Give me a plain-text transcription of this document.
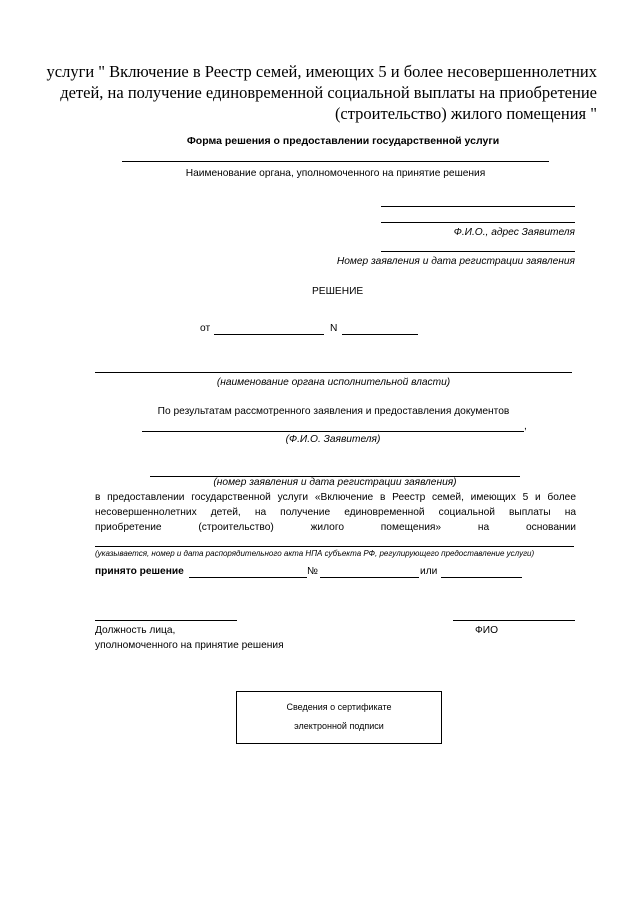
услуги " Включение в Реестр семей, имеющих 5 и более несовершеннолетних
детей, на получение единовременной социальной выплаты на приобретение
(строительство) жилого помещения "
Форма решения о предоставлении государственной услуги
Наименование органа, уполномоченного на принятие решения
Ф.И.О., адрес Заявителя
Номер заявления и дата регистрации заявления
РЕШЕНИЕ
от	N
(наименование органа исполнительной власти)
По результатам рассмотренного заявления и предоставления документов
,
(Ф.И.О. Заявителя)
(номер заявления и дата регистрации заявления)
в предоставлении государственной услуги «Включение в Реестр семей, имеющих 5 и более
несовершеннолетних детей, на получение единовременной социальной выплаты на
приобретение (строительство) жилого помещения» на основании
(указывается, номер и дата распорядительного акта НПА субъекта РФ, регулирующего предоставление услуги)
принято решение	№	или
Должность лица,
уполномоченного на принятие решения
ФИО
Сведения о сертификате
электронной подписи
